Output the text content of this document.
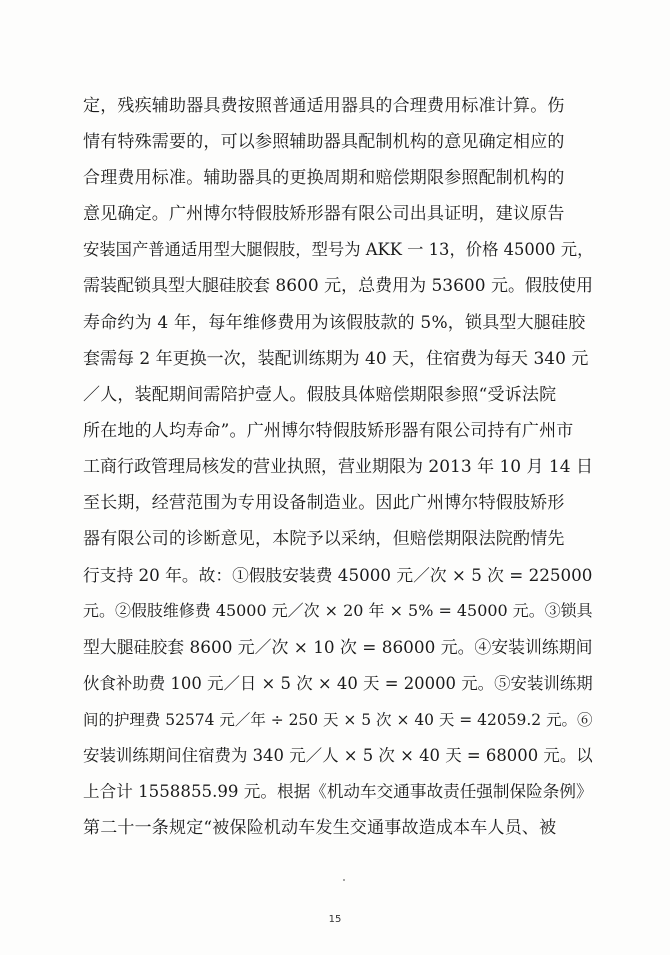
定，残疾辅助器具费按照普通适用器具的合理费用标准计算。伤
情有特殊需要的，可以参照辅助器具配制机构的意见确定相应的
合理费用标准。辅助器具的更换周期和赔偿期限参照配制机构的
意见确定。广州博尔特假肢矫形器有限公司出具证明，建议原告
安装国产普通适用型大腿假肢，型号为 AKK 一 13，价格 45000 元，
需装配锁具型大腿硅胶套 8600 元，总费用为 53600 元。假肢使用
寿命约为 4 年，每年维修费用为该假肢款的 5%，锁具型大腿硅胶
套需每 2 年更换一次，装配训练期为 40 天，住宿费为每天 340 元
／人，装配期间需陪护壹人。假肢具体赔偿期限参照“受诉法院
所在地的人均寿命”。广州博尔特假肢矫形器有限公司持有广州市
工商行政管理局核发的营业执照，营业期限为 2013 年 10 月 14 日
至长期，经营范围为专用设备制造业。因此广州博尔特假肢矫形
器有限公司的诊断意见，本院予以采纳，但赔偿期限法院酌情先
行支持 20 年。故：①假肢安装费 45000 元／次 × 5 次 = 225000
元。②假肢维修费 45000 元／次 × 20 年 × 5% = 45000 元。③锁具
型大腿硅胶套 8600 元／次 × 10 次 = 86000 元。④安装训练期间
伙食补助费 100 元／日 × 5 次 × 40 天 = 20000 元。⑤安装训练期
间的护理费 52574 元／年 ÷ 250 天 × 5 次 × 40 天 = 42059.2 元。⑥
安装训练期间住宿费为 340 元／人 × 5 次 × 40 天 = 68000 元。以
上合计 1558855.99 元。根据《机动车交通事故责任强制保险条例》
第二十一条规定“被保险机动车发生交通事故造成本车人员、被
15
